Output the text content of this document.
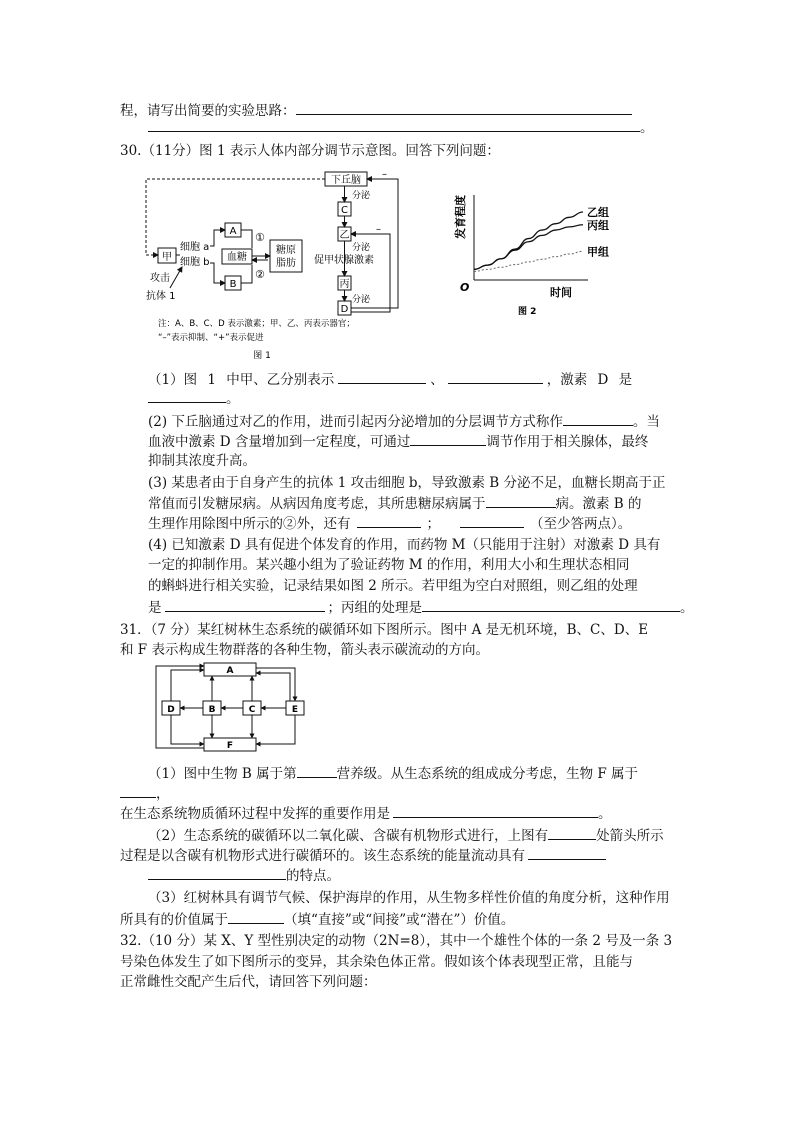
程，请写出简要的实验思路：
。
30.（11分）图 1 表示人体内部分调节示意图。回答下列问题：
下丘脑
C
乙
丙
D
甲
A
B
血糖
糖原
脂肪
细胞 a
细胞 b
①
②
分泌
分泌
促甲状腺激素
分泌
–
–
攻击
抗体 1
注：A、B、C、D 表示激素；甲、乙、丙表示器官；
“–”表示抑制、“+”表示促进
图 1
发育程度
时间
O
图 2
乙组
丙组
甲组
（1）图 1 中甲、乙分别表示	、	，激素 D 是
。
(2) 下丘脑通过对乙的作用，进而引起丙分泌增加的分层调节方式称作	。当
血液中激素 D 含量增加到一定程度，可通过	调节作用于相关腺体，最终
抑制其浓度升高。
(3) 某患者由于自身产生的抗体 1 攻击细胞 b，导致激素 B 分泌不足，血糖长期高于正
常值而引发糖尿病。从病因角度考虑，其所患糖尿病属于	病。激素 B 的
生理作用除图中所示的②外，还有	；	（至少答两点）。
(4) 已知激素 D 具有促进个体发育的作用，而药物 M（只能用于注射）对激素 D 具有
一定的抑制作用。某兴趣小组为了验证药物 M 的作用，利用大小和生理状态相同
的蝌蚪进行相关实验，记录结果如图 2 所示。若甲组为空白对照组，则乙组的处理
是	；丙组的处理是	。
31．（7 分）某红树林生态系统的碳循环如下图所示。图中 A 是无机环境，B、C、D、E
和 F 表示构成生物群落的各种生物，箭头表示碳流动的方向。
A
F
D	B	C	E
（1）图中生物 B 属于第	营养级。从生态系统的组成成分考虑，生物 F 属于
，
在生态系统物质循环过程中发挥的重要作用是	。
（2）生态系统的碳循环以二氧化碳、含碳有机物形式进行，上图有	处箭头所示
过程是以含碳有机物形式进行碳循环的。该生态系统的能量流动具有
的特点。
（3）红树林具有调节气候、保护海岸的作用，从生物多样性价值的角度分析，这种作用
所具有的价值属于	（填“直接”或“间接”或“潜在”）价值。
32.（10 分）某 X、Y 型性别决定的动物（2N=8），其中一个雄性个体的一条 2 号及一条 3
号染色体发生了如下图所示的变异，其余染色体正常。假如该个体表现型正常，且能与
正常雌性交配产生后代，请回答下列问题：
